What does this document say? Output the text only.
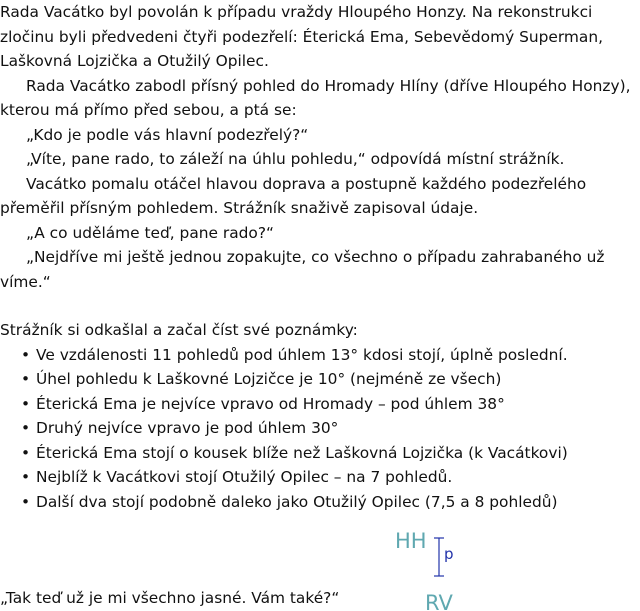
Rada Vacátko byl povolán k případu vraždy Hloupého Honzy. Na rekonstrukci zločinu byli předvedeni čtyři podezřelí: Éterická Ema, Sebevědomý Superman, Laškovná Lojzička a Otužilý Opilec.

Rada Vacátko zabodl přísný pohled do Hromady Hlíny (dříve Hloupého Honzy), kterou má přímo před sebou, a ptá se:

„Kdo je podle vás hlavní podezřelý?“

„Víte, pane rado, to záleží na úhlu pohledu,“ odpovídá místní strážník.

Vacátko pomalu otáčel hlavou doprava a postupně každého podezřelého přeměřil přísným pohledem. Strážník snaživě zapisoval údaje.

„A co uděláme teď, pane rado?“

„Nejdříve mi ještě jednou zopakujte, co všechno o případu zahrabaného už víme.“

Strážník si odkašlal a začal číst své poznámky:

• Ve vzdálenosti 11 pohledů pod úhlem 13° kdosi stojí, úplně poslední.
• Úhel pohledu k Laškovné Lojzičce je 10° (nejméně ze všech)
• Éterická Ema je nejvíce vpravo od Hromady – pod úhlem 38°
• Druhý nejvíce vpravo je pod úhlem 30°
• Éterická Ema stojí o kousek blíže než Laškovná Lojzička (k Vacátkovi)
• Nejblíž k Vacátkovi stojí Otužilý Opilec – na 7 pohledů.
• Další dva stojí podobně daleko jako Otužilý Opilec (7,5 a 8 pohledů)

„Tak teď už je mi všechno jasné. Vám také?“

HH
p
RV
